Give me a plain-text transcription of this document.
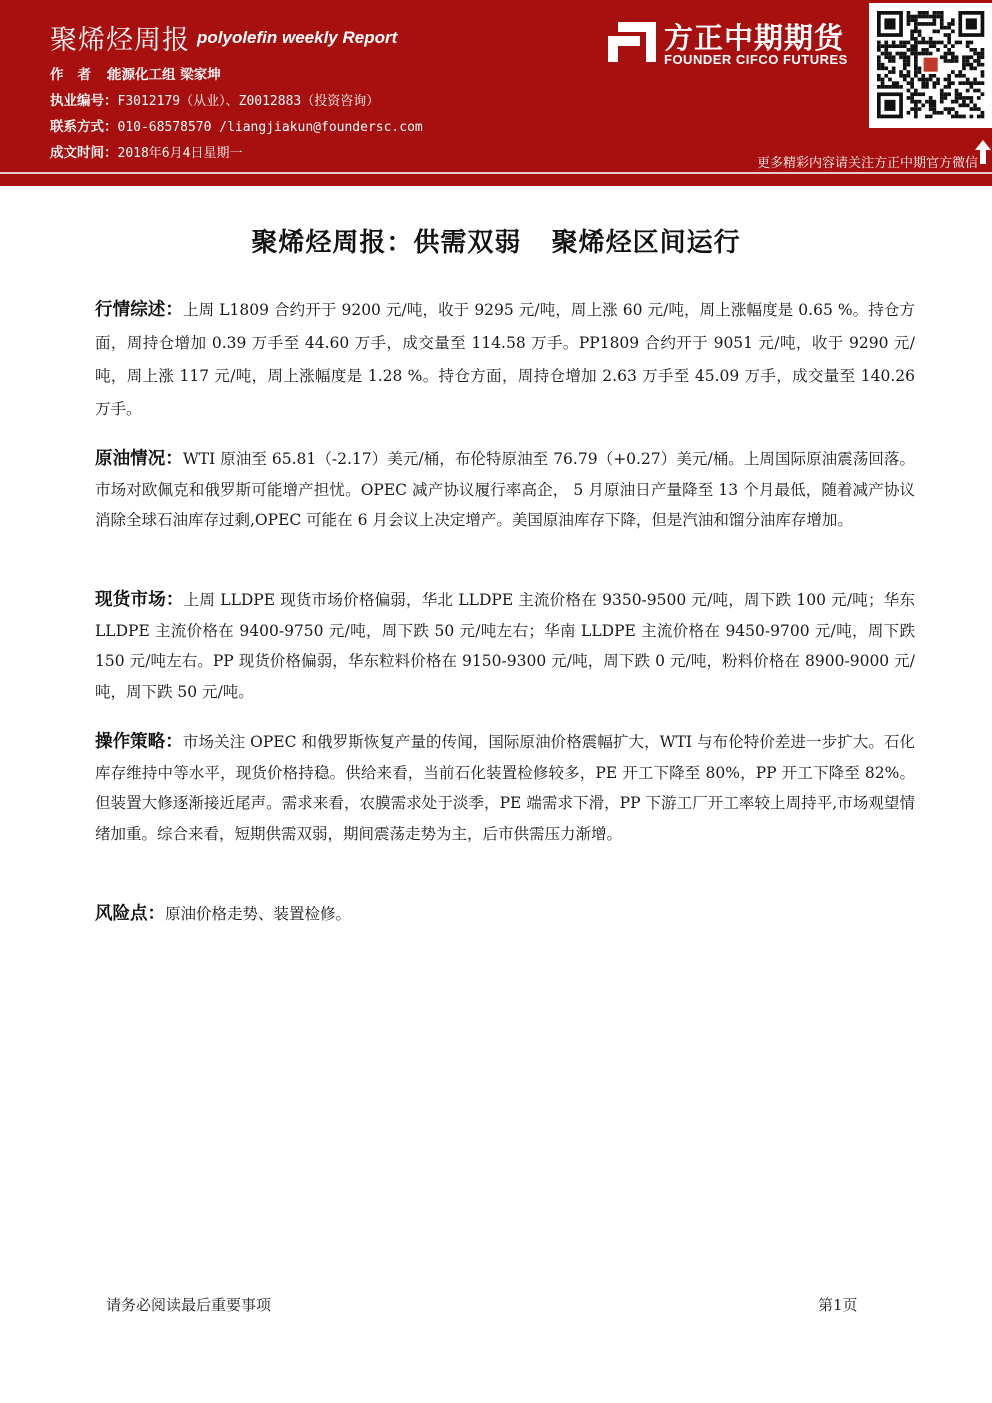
聚烯烃周报 polyolefin weekly Report
作者：能源化工组 梁家坤
执业编号：F3012179（从业）、Z0012883（投资咨询）
联系方式：010-68578570 /liangjiakun@foundersc.com
成文时间：2018年6月4日星期一
方正中期期货
FOUNDER CIFCO FUTURES
更多精彩内容请关注方正中期官方微信
聚烯烃周报：供需双弱   聚烯烃区间运行
行情综述：上周 L1809 合约开于 9200 元/吨，收于 9295 元/吨，周上涨 60 元/吨，周上涨幅度是 0.65 %。持仓方面，周持仓增加 0.39 万手至 44.60 万手，成交量至 114.58 万手。PP1809 合约开于 9051 元/吨，收于 9290 元/吨，周上涨 117 元/吨，周上涨幅度是 1.28 %。持仓方面，周持仓增加 2.63 万手至 45.09 万手，成交量至 140.26 万手。
原油情况：WTI 原油至 65.81（-2.17）美元/桶，布伦特原油至 76.79（+0.27）美元/桶。上周国际原油震荡回落。市场对欧佩克和俄罗斯可能增产担忧。OPEC 减产协议履行率高企， 5 月原油日产量降至 13 个月最低，随着减产协议消除全球石油库存过剩,OPEC 可能在 6 月会议上决定增产。美国原油库存下降，但是汽油和馏分油库存增加。
现货市场：上周 LLDPE 现货市场价格偏弱，华北 LLDPE 主流价格在 9350-9500 元/吨，周下跌 100 元/吨；华东 LLDPE 主流价格在 9400-9750 元/吨，周下跌 50 元/吨左右；华南 LLDPE 主流价格在 9450-9700 元/吨，周下跌 150 元/吨左右。PP 现货价格偏弱，华东粒料价格在 9150-9300 元/吨，周下跌 0 元/吨，粉料价格在 8900-9000 元/吨，周下跌 50 元/吨。
操作策略：市场关注 OPEC 和俄罗斯恢复产量的传闻，国际原油价格震幅扩大，WTI 与布伦特价差进一步扩大。石化库存维持中等水平，现货价格持稳。供给来看，当前石化装置检修较多，PE 开工下降至 80%，PP 开工下降至 82%。但装置大修逐渐接近尾声。需求来看，农膜需求处于淡季，PE 端需求下滑，PP 下游工厂开工率较上周持平,市场观望情绪加重。综合来看，短期供需双弱，期间震荡走势为主，后市供需压力渐增。
风险点：原油价格走势、装置检修。
请务必阅读最后重要事项	第1页
